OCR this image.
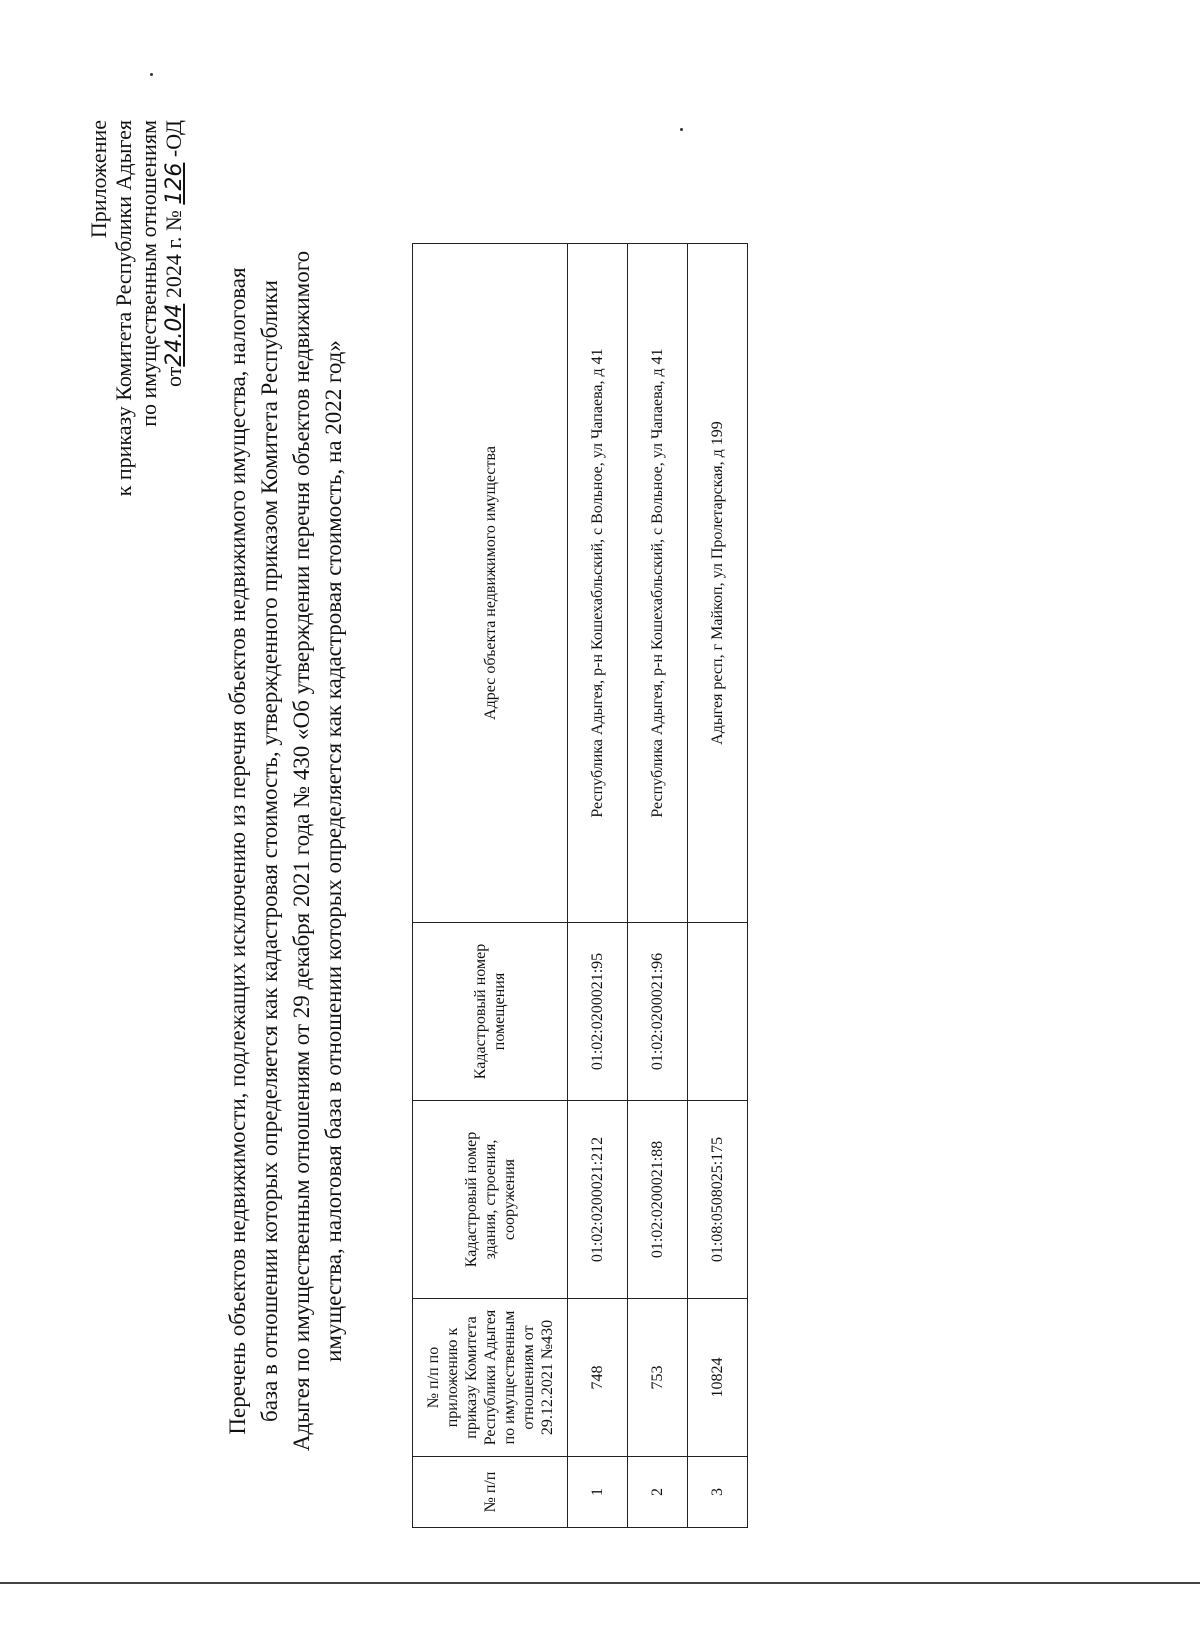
Приложение к приказу Комитета Республики Адыгея по имущественным отношениям от24.04 2024 г. № 126 -ОД
Перечень объектов недвижимости, подлежащих исключению из перечня объектов недвижимого имущества, налоговая база в отношении которых определяется как кадастровая стоимость, утвержденного приказом Комитета Республики Адыгея по имущественным отношениям от 29 декабря 2021 года № 430 «Об утверждении перечня объектов недвижимого имущества, налоговая база в отношении которых определяется как кадастровая стоимость, на 2022 год»
№ п/п	№ п/п по приложению к приказу Комитета Республики Адыгея по имущественным отношениям от 29.12.2021 №430	Кадастровый номер здания, строения, сооружения	Кадастровый номер помещения	Адрес объекта недвижимого имущества
1	748	01:02:0200021:212	01:02:0200021:95	Республика Адыгея, р-н Кошехабльский, с Вольное, ул Чапаева, д 41
2	753	01:02:0200021:88	01:02:0200021:96	Республика Адыгея, р-н Кошехабльский, с Вольное, ул Чапаева, д 41
3	10824	01:08:0508025:175		Адыгея респ, г Майкоп, ул Пролетарская, д 199
